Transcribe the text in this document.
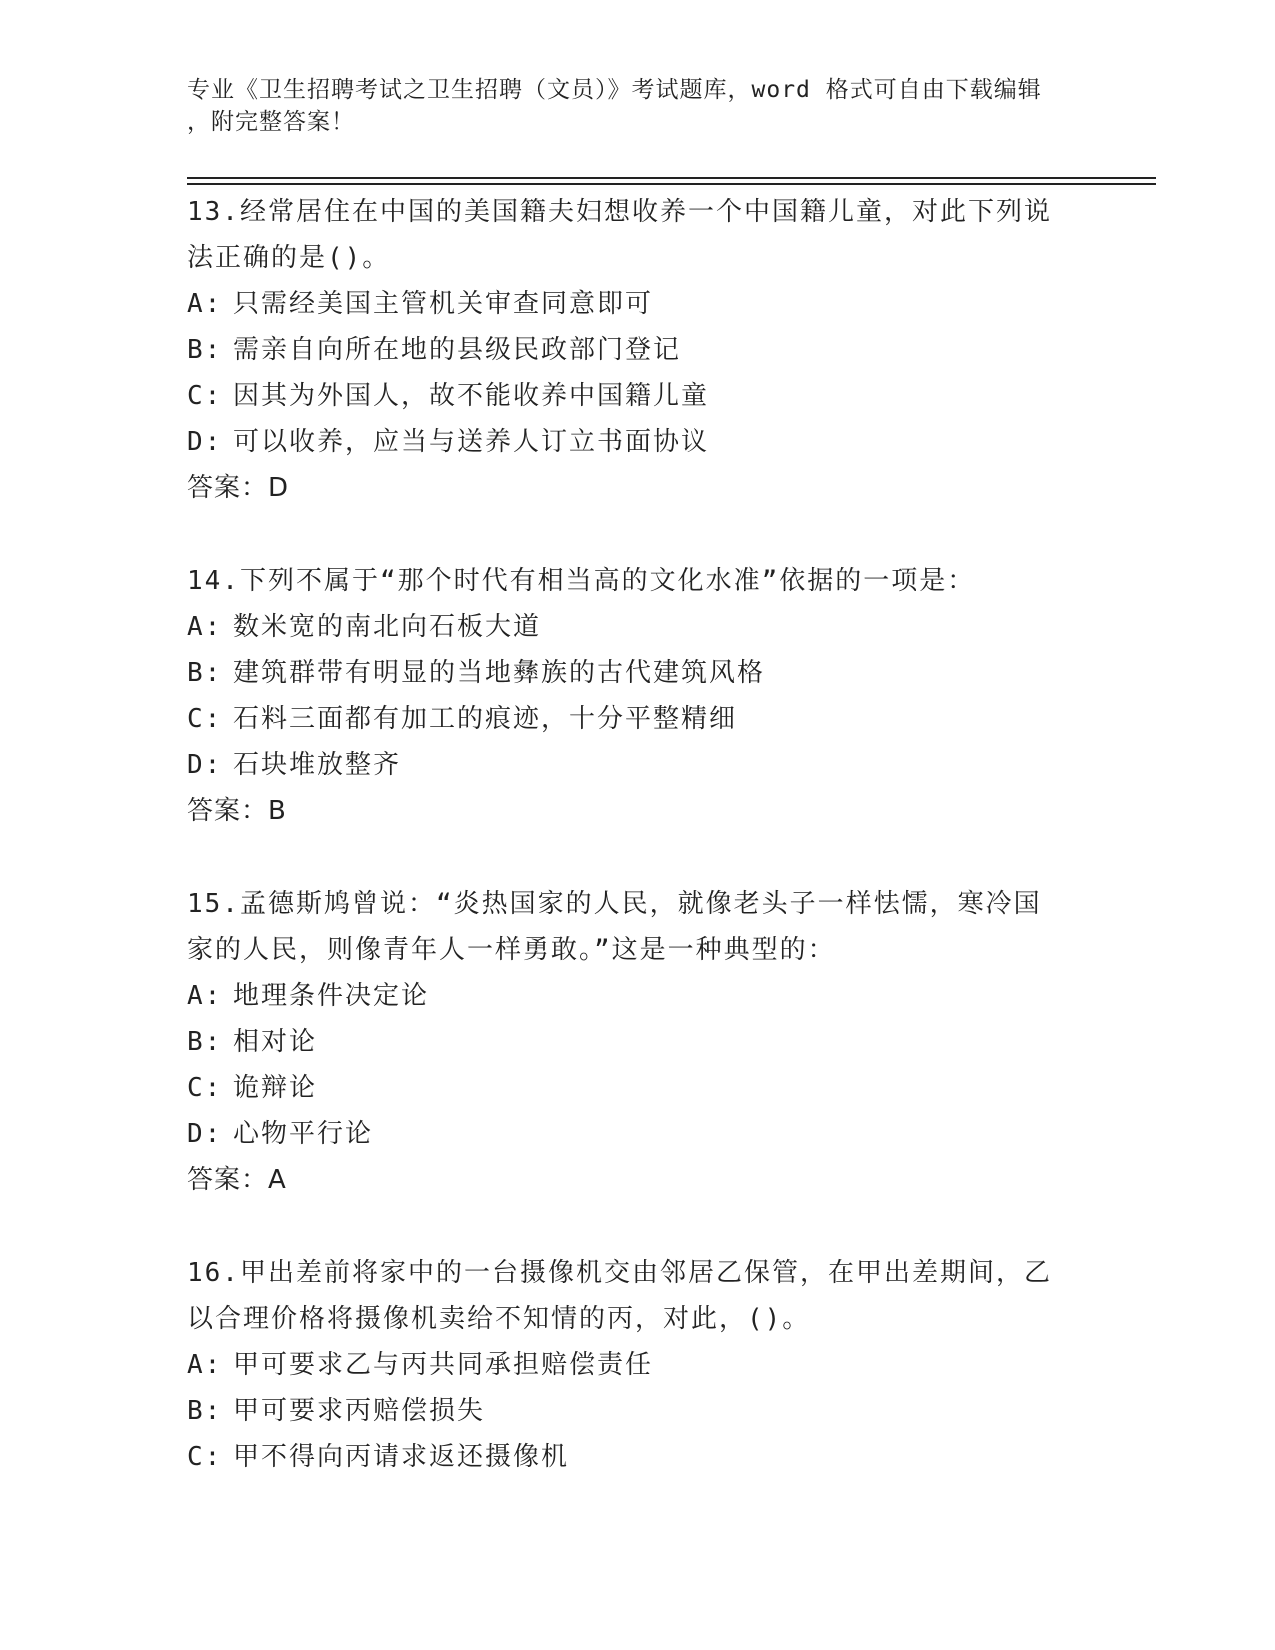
专业《卫生招聘考试之卫生招聘（文员）》考试题库，word 格式可自由下载编辑
，附完整答案！
13.经常居住在中国的美国籍夫妇想收养一个中国籍儿童，对此下列说
法正确的是()。
A: 只需经美国主管机关审查同意即可
B: 需亲自向所在地的县级民政部门登记
C: 因其为外国人，故不能收养中国籍儿童
D: 可以收养，应当与送养人订立书面协议
答案：D
14.下列不属于“那个时代有相当高的文化水准”依据的一项是：
A: 数米宽的南北向石板大道
B: 建筑群带有明显的当地彝族的古代建筑风格
C: 石料三面都有加工的痕迹，十分平整精细
D: 石块堆放整齐
答案：B
15.孟德斯鸠曾说：“炎热国家的人民，就像老头子一样怯懦，寒冷国
家的人民，则像青年人一样勇敢。”这是一种典型的：
A: 地理条件决定论
B: 相对论
C: 诡辩论
D: 心物平行论
答案：A
16.甲出差前将家中的一台摄像机交由邻居乙保管，在甲出差期间，乙
以合理价格将摄像机卖给不知情的丙，对此，()。
A: 甲可要求乙与丙共同承担赔偿责任
B: 甲可要求丙赔偿损失
C: 甲不得向丙请求返还摄像机
